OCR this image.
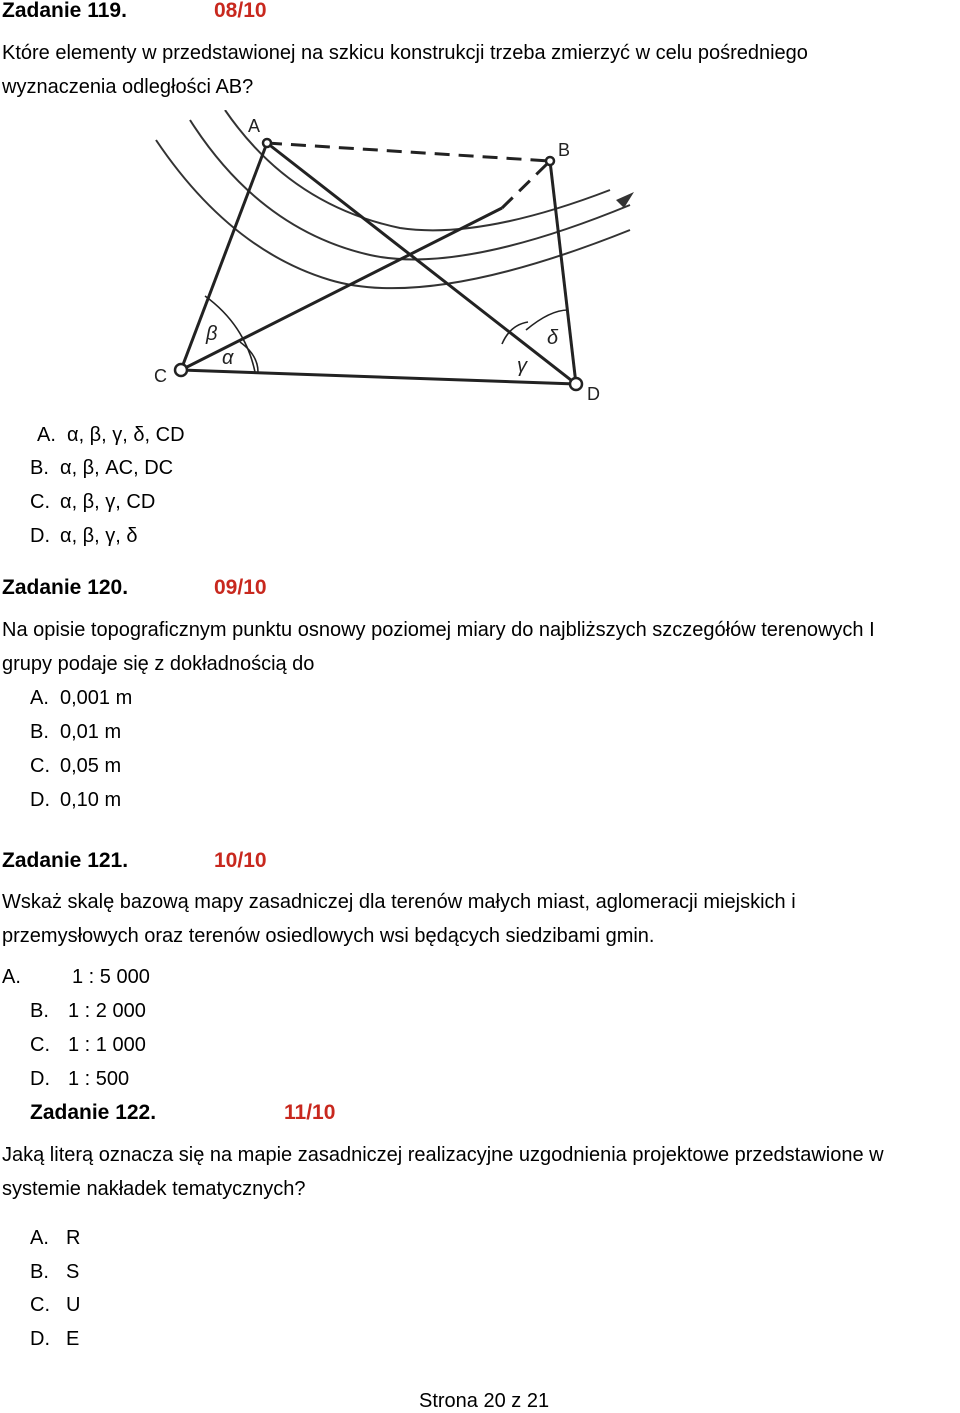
Zadanie 119.	08/10
Które elementy w przedstawionej na szkicu konstrukcji trzeba zmierzyć w celu pośredniego
wyznaczenia odległości AB?
A
B
C
D
β
α	γ
δ
A. α, β, γ, δ, CD
B. α, β, AC, DC
C. α, β, γ, CD
D. α, β, γ, δ
Zadanie 120.	09/10
Na opisie topograficznym punktu osnowy poziomej miary do najbliższych szczegółów terenowych I
grupy podaje się z dokładnością do
A. 0,001 m
B. 0,01 m
C. 0,05 m
D. 0,10 m
Zadanie 121.	10/10
Wskaż skalę bazową mapy zasadniczej dla terenów małych miast, aglomeracji miejskich i
przemysłowych oraz terenów osiedlowych wsi będących siedzibami gmin.
A.	1 : 5 000
B. 1 : 2 000
C. 1 : 1 000
D. 1 : 500
Zadanie 122.	11/10
Jaką literą oznacza się na mapie zasadniczej realizacyjne uzgodnienia projektowe przedstawione w
systemie nakładek tematycznych?
A. R
B. S
C. U
D. E
Strona 20 z 21
